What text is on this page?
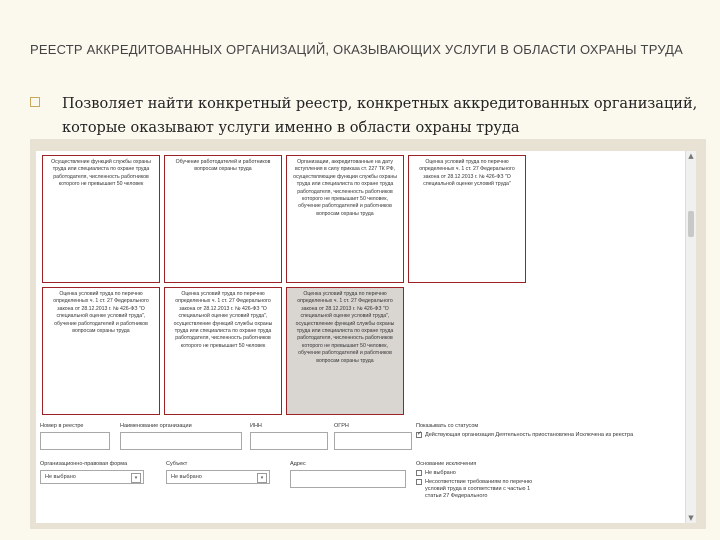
РЕЕСТР АККРЕДИТОВАННЫХ ОРГАНИЗАЦИЙ, ОКАЗЫВАЮЩИХ УСЛУГИ В ОБЛАСТИ ОХРАНЫ ТРУДА
Позволяет найти конкретный реестр, конкретных аккредитованных организаций, которые оказывают услуги именно в области охраны труда
Осуществление функций службы охраны труда или специалиста по охране труда работодателя, численность работников которого не превышает 50 человек
Обучение работодателей и работников вопросам охраны труда
Организации, аккредитованные на дату вступления в силу приказа ст. 227 ТК РФ, осуществляющие функции службы охраны труда или специалиста по охране труда работодателя, численность работников которого не превышает 50 человек, обучение работодателей и работников вопросам охраны труда
Оценка условий труда по перечню определенных ч. 1 ст. 27 Федерального закона от 28.12.2013 г. № 426-ФЗ "О специальной оценке условий труда"
Оценка условий труда по перечню определенных ч. 1 ст. 27 Федерального закона от 28.12.2013 г. № 426-ФЗ "О специальной оценке условий труда", обучение работодателей и работников вопросам охраны труда
Оценка условий труда по перечню определенных ч. 1 ст. 27 Федерального закона от 28.12.2013 г. № 426-ФЗ "О специальной оценке условий труда", осуществление функций службы охраны труда или специалиста по охране труда работодателя, численность работников которого не превышает 50 человек
Оценка условий труда по перечню определенных ч. 1 ст. 27 Федерального закона от 28.12.2013 г. № 426-ФЗ "О специальной оценке условий труда", осуществление функций службы охраны труда или специалиста по охране труда работодателя, численность работников которого не превышает 50 человек, обучение работодателей и работников вопросам охраны труда
Номер в реестре	Наименование организации	ИНН	ОГРН	Показывать со статусом
✓
Действующая организация Деятельность приостановлена Исключена из реестра
Организационно-правовая форма
Не выбрано	▾
Субъект
Не выбрано	▾
Адрес	Основание исключения
Не выбрано
Несоответствие требованиям по перечню условий труда в соответствии с частью 1 статьи 27 Федерального
▲
▼
